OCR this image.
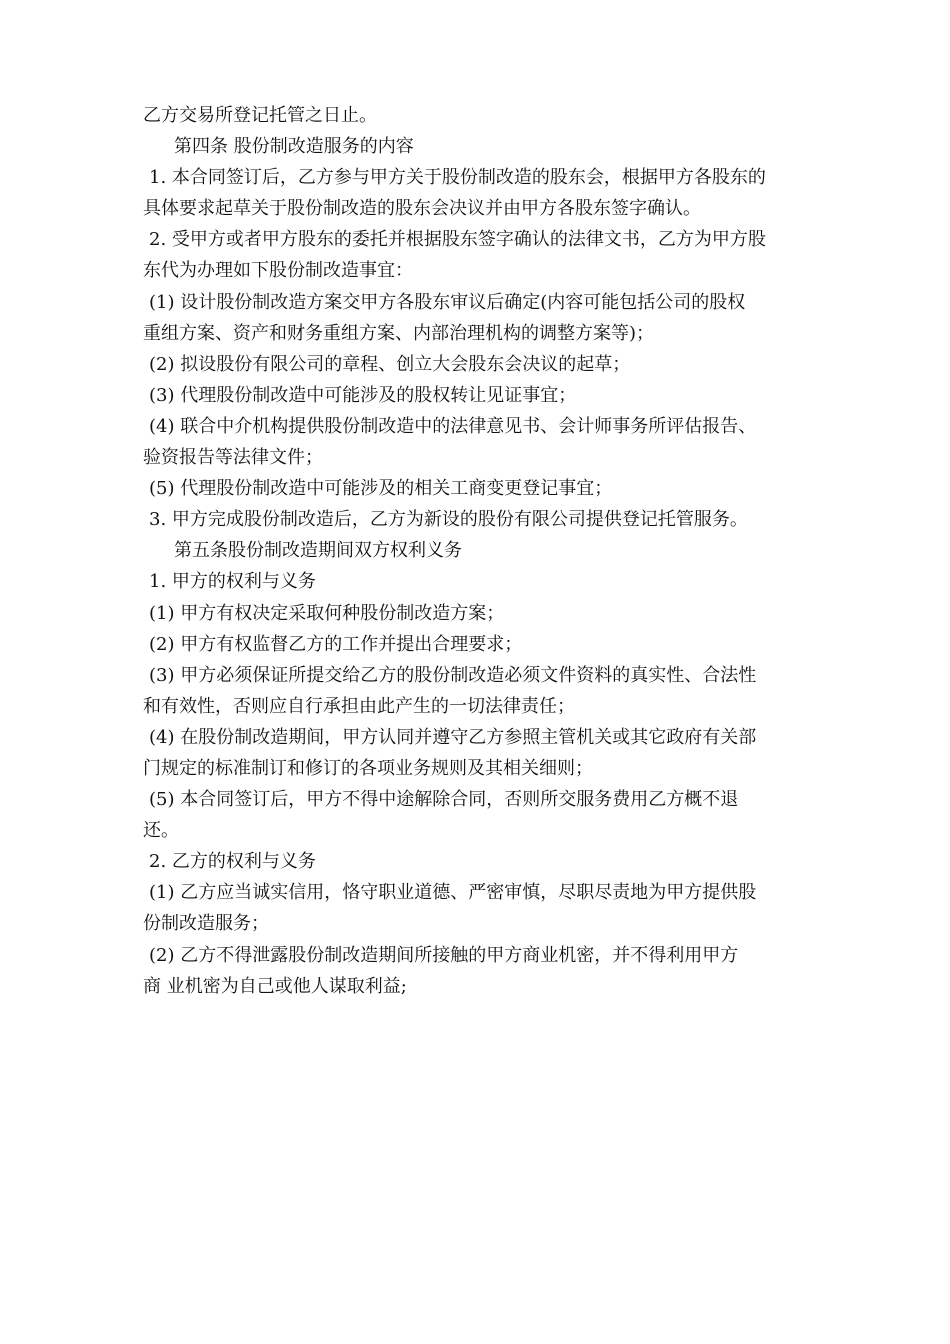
乙方交易所登记托管之日止。
第四条 股份制改造服务的内容
1. 本合同签订后，乙方参与甲方关于股份制改造的股东会，根据甲方各股东的
具体要求起草关于股份制改造的股东会决议并由甲方各股东签字确认。
2. 受甲方或者甲方股东的委托并根据股东签字确认的法律文书，乙方为甲方股
东代为办理如下股份制改造事宜：
(1) 设计股份制改造方案交甲方各股东审议后确定(内容可能包括公司的股权
重组方案、资产和财务重组方案、内部治理机构的调整方案等)；
(2) 拟设股份有限公司的章程、创立大会股东会决议的起草；
(3) 代理股份制改造中可能涉及的股权转让见证事宜；
(4) 联合中介机构提供股份制改造中的法律意见书、会计师事务所评估报告、
验资报告等法律文件；
(5) 代理股份制改造中可能涉及的相关工商变更登记事宜；
3. 甲方完成股份制改造后，乙方为新设的股份有限公司提供登记托管服务。
第五条股份制改造期间双方权利义务
1. 甲方的权利与义务
(1) 甲方有权决定采取何种股份制改造方案；
(2) 甲方有权监督乙方的工作并提出合理要求；
(3) 甲方必须保证所提交给乙方的股份制改造必须文件资料的真实性、合法性
和有效性，否则应自行承担由此产生的一切法律责任；
(4) 在股份制改造期间，甲方认同并遵守乙方参照主管机关或其它政府有关部
门规定的标准制订和修订的各项业务规则及其相关细则；
(5) 本合同签订后，甲方不得中途解除合同，否则所交服务费用乙方概不退
还。
2. 乙方的权利与义务
(1) 乙方应当诚实信用，恪守职业道德、严密审慎，尽职尽责地为甲方提供股
份制改造服务；
(2) 乙方不得泄露股份制改造期间所接触的甲方商业机密，并不得利用甲方
商 业机密为自己或他人谋取利益;
